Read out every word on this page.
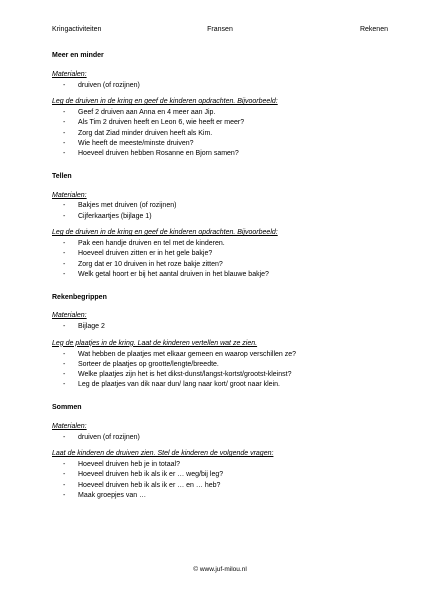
Kringactiviteiten	Fransen	Rekenen
Meer en minder
Materialen:
- druiven (of rozijnen)
Leg de druiven in de kring en geef de kinderen opdrachten. Bijvoorbeeld:
- Geef 2 druiven aan Anna en 4 meer aan Jip.
- Als Tim 2 druiven heeft en Leon 6, wie heeft er meer?
- Zorg dat Ziad minder druiven heeft als Kim.
- Wie heeft de meeste/minste druiven?
- Hoeveel druiven hebben Rosanne en Bjorn samen?
Tellen
Materialen:
- Bakjes met druiven (of rozijnen)
- Cijferkaartjes (bijlage 1)
Leg de druiven in de kring en geef de kinderen opdrachten. Bijvoorbeeld:
- Pak een handje druiven en tel met de kinderen.
- Hoeveel druiven zitten er in het gele bakje?
- Zorg dat er 10 druiven in het roze bakje zitten?
- Welk getal hoort er bij het aantal druiven in het blauwe bakje?
Rekenbegrippen
Materialen:
- Bijlage 2
Leg de plaatjes in de kring. Laat de kinderen vertellen wat ze zien.
- Wat hebben de plaatjes met elkaar gemeen en waarop verschillen ze?
- Sorteer de plaatjes op grootte/lengte/breedte.
- Welke plaatjes zijn het is het dikst-dunst/langst-kortst/grootst-kleinst?
- Leg de plaatjes van dik naar dun/ lang naar kort/ groot naar klein.
Sommen
Materialen:
- druiven (of rozijnen)
Laat de kinderen de druiven zien. Stel de kinderen de volgende vragen:
- Hoeveel druiven heb je in totaal?
- Hoeveel druiven heb ik als ik er … weg/bij leg?
- Hoeveel druiven heb ik als ik er … en … heb?
- Maak groepjes van …
© www.juf-milou.nl
